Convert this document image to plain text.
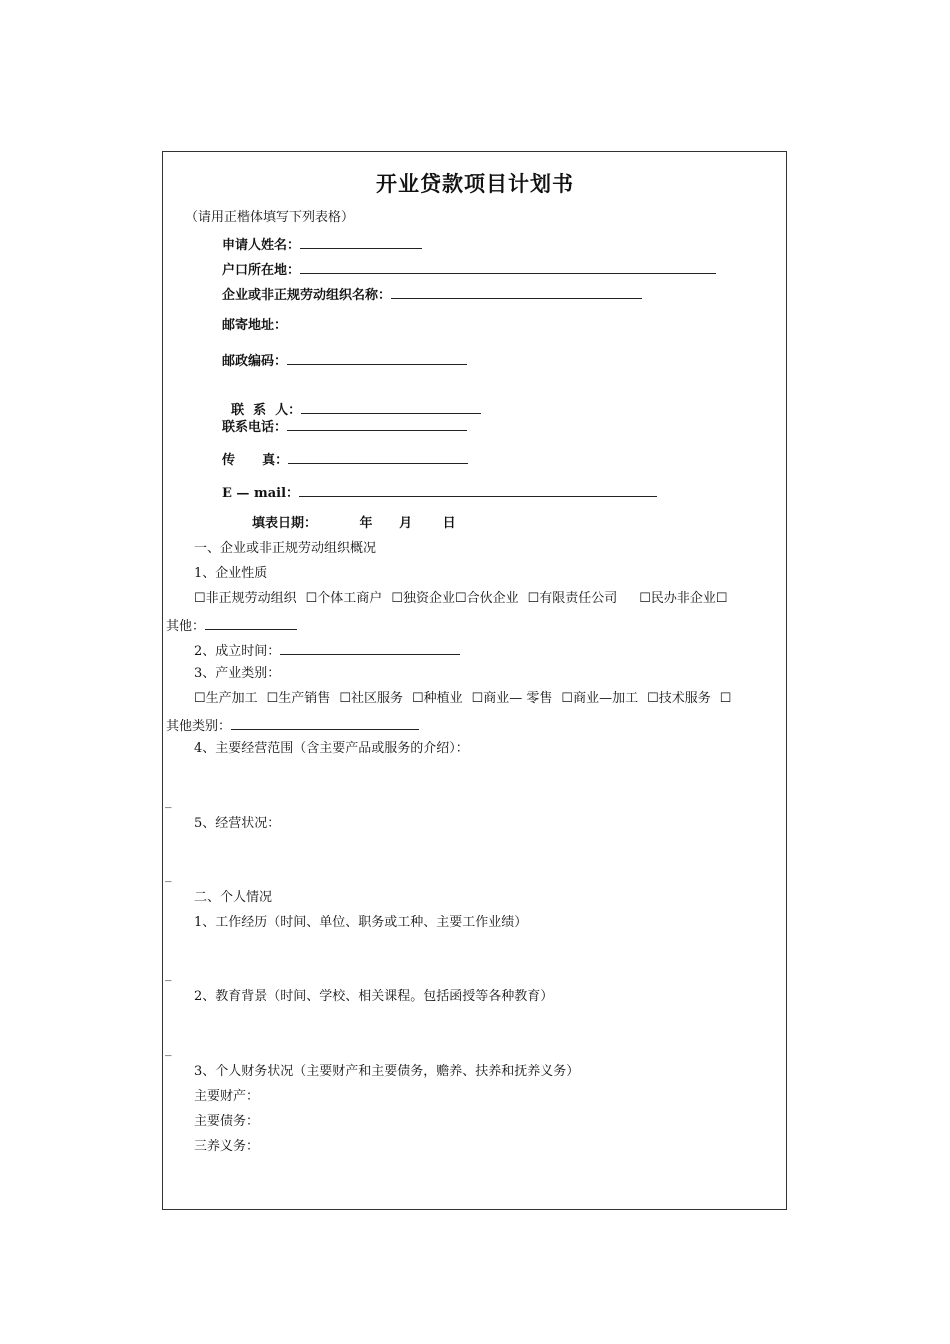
开业贷款项目计划书
（请用正楷体填写下列表格）
申请人姓名：
户口所在地：
企业或非正规劳动组织名称：
邮寄地址：
邮政编码：

联  系  人：

联系电话：
传      真：
E — mail：
填表日期：	年 月 日
一、企业或非正规劳动组织概况
1、企业性质
☐非正规劳动组织 ☐个体工商户 ☐独资企业☐合伙企业 ☐有限责任公司 ☐民办非企业☐
其他：
2、成立时间：
3、产业类别：
☐生产加工 ☐生产销售 ☐社区服务 ☐种植业 ☐商业— 零售 ☐商业—加工 ☐技术服务 ☐
其他类别：
4、主要经营范围（含主要产品或服务的介绍）：
_
5、经营状况：
_
二、个人情况
1、工作经历（时间、单位、职务或工种、主要工作业绩）
_
2、教育背景（时间、学校、相关课程。包括函授等各种教育）
_
3、个人财务状况（主要财产和主要债务，赡养、扶养和抚养义务）
主要财产：
主要债务：
三养义务：
